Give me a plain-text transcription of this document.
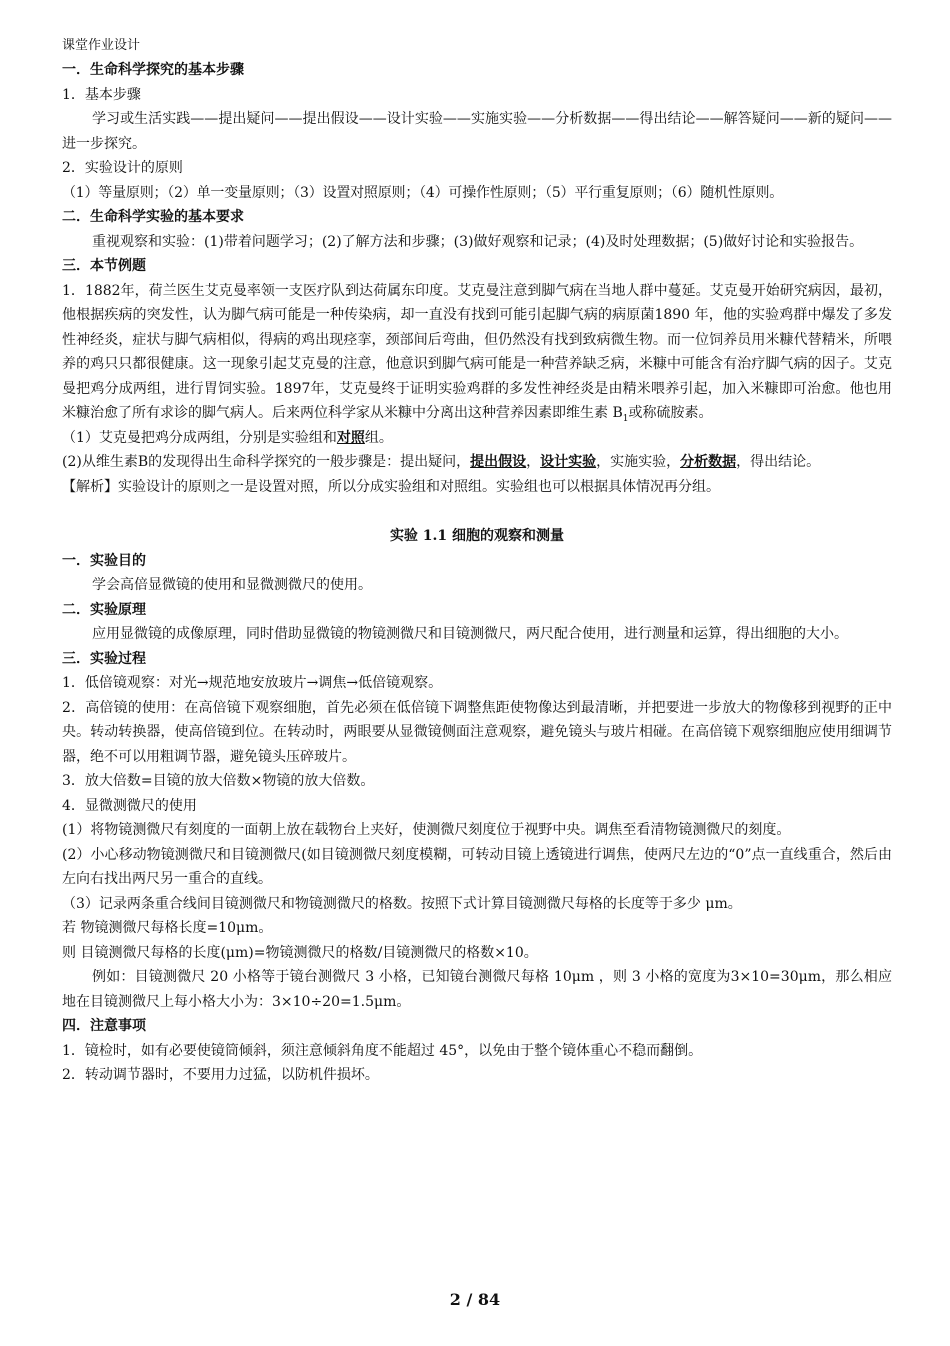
课堂作业设计

一．生命科学探究的基本步骤

1．基本步骤

学习或生活实践——提出疑问——提出假设——设计实验——实施实验——分析数据——得出结论——解答疑问——新的疑问——进一步探究。

2．实验设计的原则

（1）等量原则；（2）单一变量原则；（3）设置对照原则；（4）可操作性原则；（5）平行重复原则；（6）随机性原则。

二．生命科学实验的基本要求

重视观察和实验：(1)带着问题学习；(2)了解方法和步骤；(3)做好观察和记录；(4)及时处理数据；(5)做好讨论和实验报告。

三．本节例题

1．1882年，荷兰医生艾克曼率领一支医疗队到达荷属东印度。艾克曼注意到脚气病在当地人群中蔓延。艾克曼开始研究病因，最初，他根据疾病的突发性，认为脚气病可能是一种传染病，却一直没有找到可能引起脚气病的病原菌1890 年，他的实验鸡群中爆发了多发性神经炎，症状与脚气病相似，得病的鸡出现痉挛，颈部间后弯曲，但仍然没有找到致病微生物。而一位饲养员用米糠代替精米，所喂养的鸡只只都很健康。这一现象引起艾克曼的注意，他意识到脚气病可能是一种营养缺乏病，米糠中可能含有治疗脚气病的因子。艾克曼把鸡分成两组，进行胃饲实验。1897年，艾克曼终于证明实验鸡群的多发性神经炎是由精米喂养引起，加入米糠即可治愈。他也用米糠治愈了所有求诊的脚气病人。后来两位科学家从米糠中分离出这种营养因素即维生素 $B_1$或称硫胺素。

（1）艾克曼把鸡分成两组，分别是实验组和对照组。

(2)从维生素B的发现得出生命科学探究的一般步骤是：提出疑问，提出假设，设计实验，实施实验，分析数据，得出结论。

【解析】实验设计的原则之一是设置对照，所以分成实验组和对照组。实验组也可以根据具体情况再分组。

实验 1.1 细胞的观察和测量

一．实验目的

学会高倍显微镜的使用和显微测微尺的使用。

二．实验原理

应用显微镜的成像原理，同时借助显微镜的物镜测微尺和目镜测微尺，两尺配合使用，进行测量和运算，得出细胞的大小。

三．实验过程

1．低倍镜观察：对光→规范地安放玻片→调焦→低倍镜观察。

2．高倍镜的使用：在高倍镜下观察细胞，首先必须在低倍镜下调整焦距使物像达到最清晰，并把要进一步放大的物像移到视野的正中央。转动转换器，使高倍镜到位。在转动时，两眼要从显微镜侧面注意观察，避免镜头与玻片相碰。在高倍镜下观察细胞应使用细调节器，绝不可以用粗调节器，避免镜头压碎玻片。

3．放大倍数=目镜的放大倍数×物镜的放大倍数。

4．显微测微尺的使用

(1）将物镜测微尺有刻度的一面朝上放在载物台上夹好，使测微尺刻度位于视野中央。调焦至看清物镜测微尺的刻度。

(2）小心移动物镜测微尺和目镜测微尺(如目镜测微尺刻度模糊，可转动目镜上透镜进行调焦，使两尺左边的“0”点一直线重合，然后由左向右找出两尺另一重合的直线。

（3）记录两条重合线间目镜测微尺和物镜测微尺的格数。按照下式计算目镜测微尺每格的长度等于多少 μm。

若 物镜测微尺每格长度=10μm。

则 目镜测微尺每格的长度(μm)=物镜测微尺的格数/目镜测微尺的格数×10。

例如：目镜测微尺 20 小格等于镜台测微尺 3 小格，已知镜台测微尺每格 10μm ，则 3 小格的宽度为3×10=30μm，那么相应地在目镜测微尺上每小格大小为：3×10÷20=1.5μm。

四．注意事项

1．镜检时，如有必要使镜筒倾斜，须注意倾斜角度不能超过 45°，以免由于整个镜体重心不稳而翻倒。

2．转动调节器时，不要用力过猛，以防机件损坏。

2 / 84
